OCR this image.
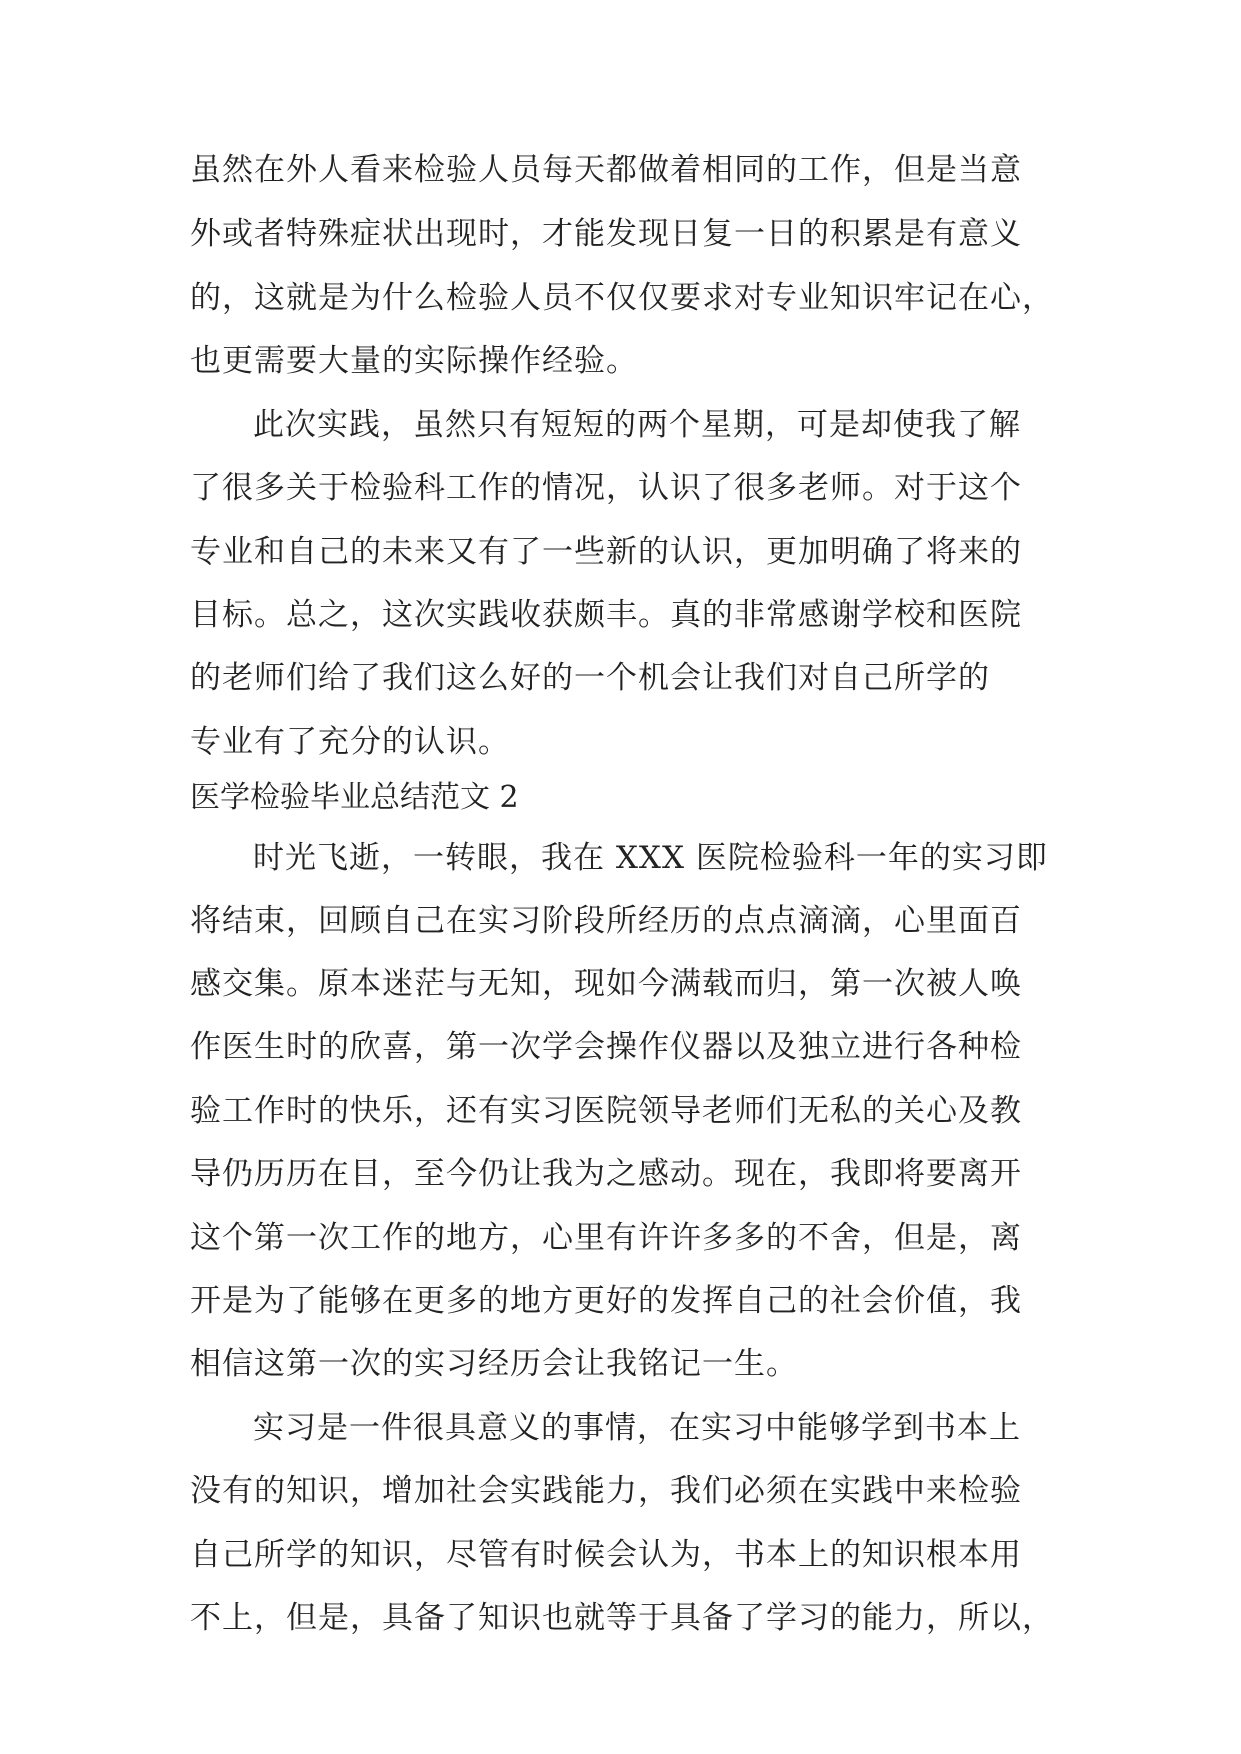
虽然在外人看来检验人员每天都做着相同的工作，但是当意
外或者特殊症状出现时，才能发现日复一日的积累是有意义
的，这就是为什么检验人员不仅仅要求对专业知识牢记在心，
也更需要大量的实际操作经验。
此次实践，虽然只有短短的两个星期，可是却使我了解
了很多关于检验科工作的情况，认识了很多老师。对于这个
专业和自己的未来又有了一些新的认识，更加明确了将来的
目标。总之，这次实践收获颇丰。真的非常感谢学校和医院
的老师们给了我们这么好的一个机会让我们对自己所学的
专业有了充分的认识。
医学检验毕业总结范文 2
时光飞逝，一转眼，我在 XXX 医院检验科一年的实习即
将结束，回顾自己在实习阶段所经历的点点滴滴，心里面百
感交集。原本迷茫与无知，现如今满载而归，第一次被人唤
作医生时的欣喜，第一次学会操作仪器以及独立进行各种检
验工作时的快乐，还有实习医院领导老师们无私的关心及教
导仍历历在目，至今仍让我为之感动。现在，我即将要离开
这个第一次工作的地方，心里有许许多多的不舍，但是，离
开是为了能够在更多的地方更好的发挥自己的社会价值，我
相信这第一次的实习经历会让我铭记一生。
实习是一件很具意义的事情，在实习中能够学到书本上
没有的知识，增加社会实践能力，我们必须在实践中来检验
自己所学的知识，尽管有时候会认为，书本上的知识根本用
不上，但是，具备了知识也就等于具备了学习的能力，所以，
